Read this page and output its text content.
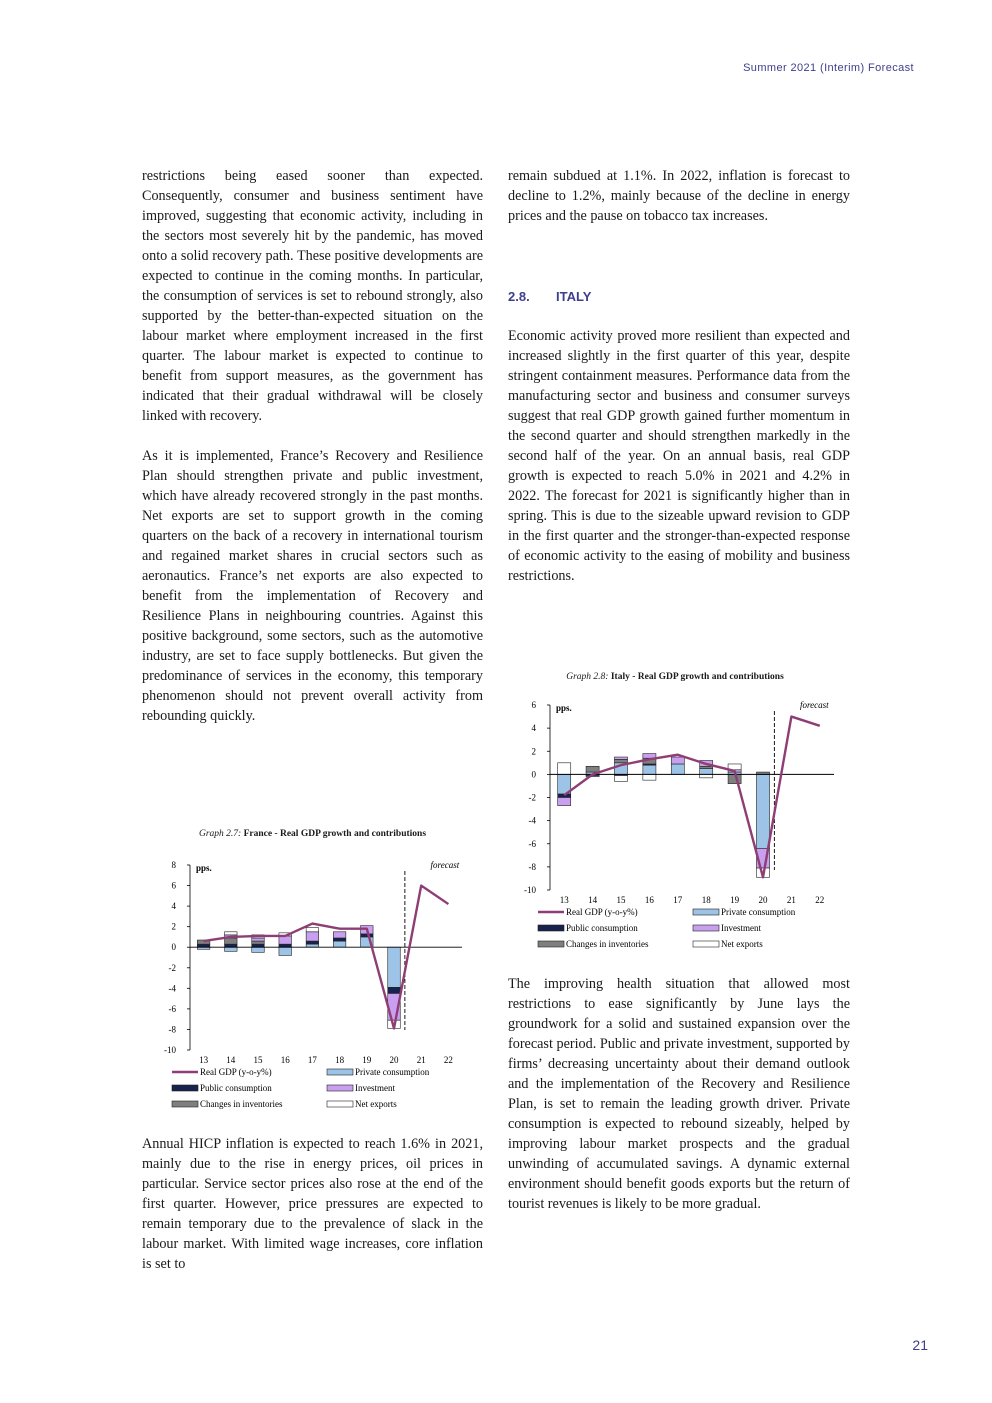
Summer 2021 (Interim) Forecast

restrictions being eased sooner than expected. Consequently, consumer and business sentiment have improved, suggesting that economic activity, including in the sectors most severely hit by the pandemic, has moved onto a solid recovery path. These positive developments are expected to continue in the coming months. In particular, the consumption of services is set to rebound strongly, also supported by the better-than-expected situation on the labour market where employment increased in the first quarter. The labour market is expected to continue to benefit from support measures, as the government has indicated that their gradual withdrawal will be closely linked with recovery.

As it is implemented, France’s Recovery and Resilience Plan should strengthen private and public investment, which have already recovered strongly in the past months. Net exports are set to support growth in the coming quarters on the back of a recovery in international tourism and regained market shares in crucial sectors such as aeronautics. France’s net exports are also expected to benefit from the implementation of Recovery and Resilience Plans in neighbouring countries. Against this positive background, some sectors, such as the automotive industry, are set to face supply bottlenecks. But given the predominance of services in the economy, this temporary phenomenon should not prevent overall activity from rebounding quickly.

Graph 2.7: France - Real GDP growth and contributions
8
6
4
2
0
-2
-4
-6
-8
-10
pps.	forecast
13 14 15 16 17 18 19 20 21 22
Real GDP (y-o-y%)	Private consumption
Public consumption	Investment
Changes in inventories	Net exports

Annual HICP inflation is expected to reach 1.6% in 2021, mainly due to the rise in energy prices, oil prices in particular. Service sector prices also rose at the end of the first quarter. However, price pressures are expected to remain temporary due to the prevalence of slack in the labour market. With limited wage increases, core inflation is set to

remain subdued at 1.1%. In 2022, inflation is forecast to decline to 1.2%, mainly because of the decline in energy prices and the pause on tobacco tax increases.

2.8. ITALY

Economic activity proved more resilient than expected and increased slightly in the first quarter of this year, despite stringent containment measures. Performance data from the manufacturing sector and business and consumer surveys suggest that real GDP growth gained further momentum in the second quarter and should strengthen markedly in the second half of the year. On an annual basis, real GDP growth is expected to reach 5.0% in 2021 and 4.2% in 2022. The forecast for 2021 is significantly higher than in spring. This is due to the sizeable upward revision to GDP in the first quarter and the stronger-than-expected response of economic activity to the easing of mobility and business restrictions.

Graph 2.8: Italy - Real GDP growth and contributions
6
4
2
0
-2
-4
-6
-8
-10
pps.	forecast
13 14 15 16 17 18 19 20 21 22
Real GDP (y-o-y%)	Private consumption
Public consumption	Investment
Changes in inventories	Net exports

The improving health situation that allowed most restrictions to ease significantly by June lays the groundwork for a solid and sustained expansion over the forecast period. Public and private investment, supported by firms’ decreasing uncertainty about their demand outlook and the implementation of the Recovery and Resilience Plan, is set to remain the leading growth driver. Private consumption is expected to rebound sizeably, helped by improving labour market prospects and the gradual unwinding of accumulated savings. A dynamic external environment should benefit goods exports but the return of tourist revenues is likely to be more gradual.

21
